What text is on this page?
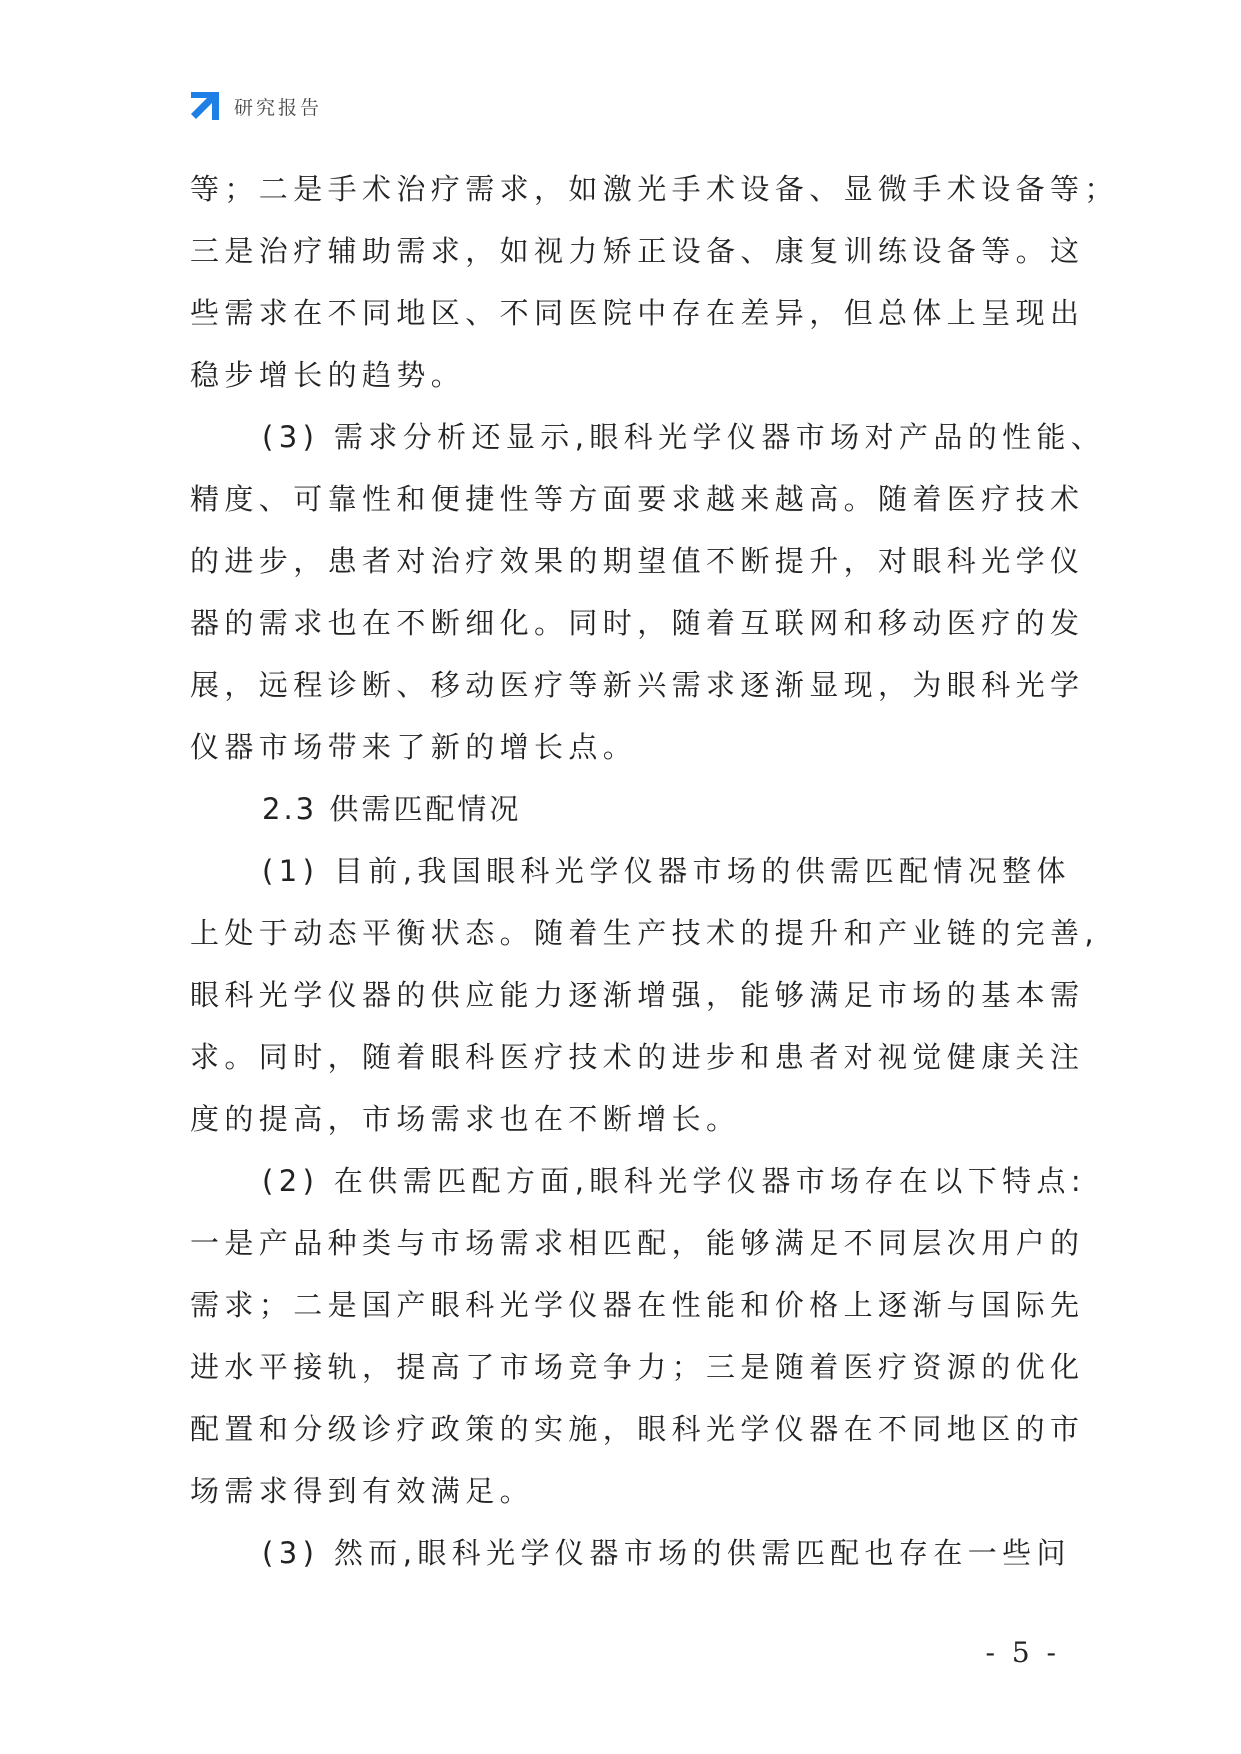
研究报告
等；二是手术治疗需求，如激光手术设备、显微手术设备等；
三是治疗辅助需求，如视力矫正设备、康复训练设备等。这
些需求在不同地区、不同医院中存在差异，但总体上呈现出
稳步增长的趋势。
(3) 需求分析还显示,眼科光学仪器市场对产品的性能、
精度、可靠性和便捷性等方面要求越来越高。随着医疗技术
的进步，患者对治疗效果的期望值不断提升，对眼科光学仪
器的需求也在不断细化。同时，随着互联网和移动医疗的发
展，远程诊断、移动医疗等新兴需求逐渐显现，为眼科光学
仪器市场带来了新的增长点。
2.3 供需匹配情况
(1) 目前,我国眼科光学仪器市场的供需匹配情况整体
上处于动态平衡状态。随着生产技术的提升和产业链的完善,
眼科光学仪器的供应能力逐渐增强，能够满足市场的基本需
求。同时，随着眼科医疗技术的进步和患者对视觉健康关注
度的提高，市场需求也在不断增长。
(2) 在供需匹配方面,眼科光学仪器市场存在以下特点:
一是产品种类与市场需求相匹配，能够满足不同层次用户的
需求；二是国产眼科光学仪器在性能和价格上逐渐与国际先
进水平接轨，提高了市场竞争力；三是随着医疗资源的优化
配置和分级诊疗政策的实施，眼科光学仪器在不同地区的市
场需求得到有效满足。
(3) 然而,眼科光学仪器市场的供需匹配也存在一些问
- 5 -
